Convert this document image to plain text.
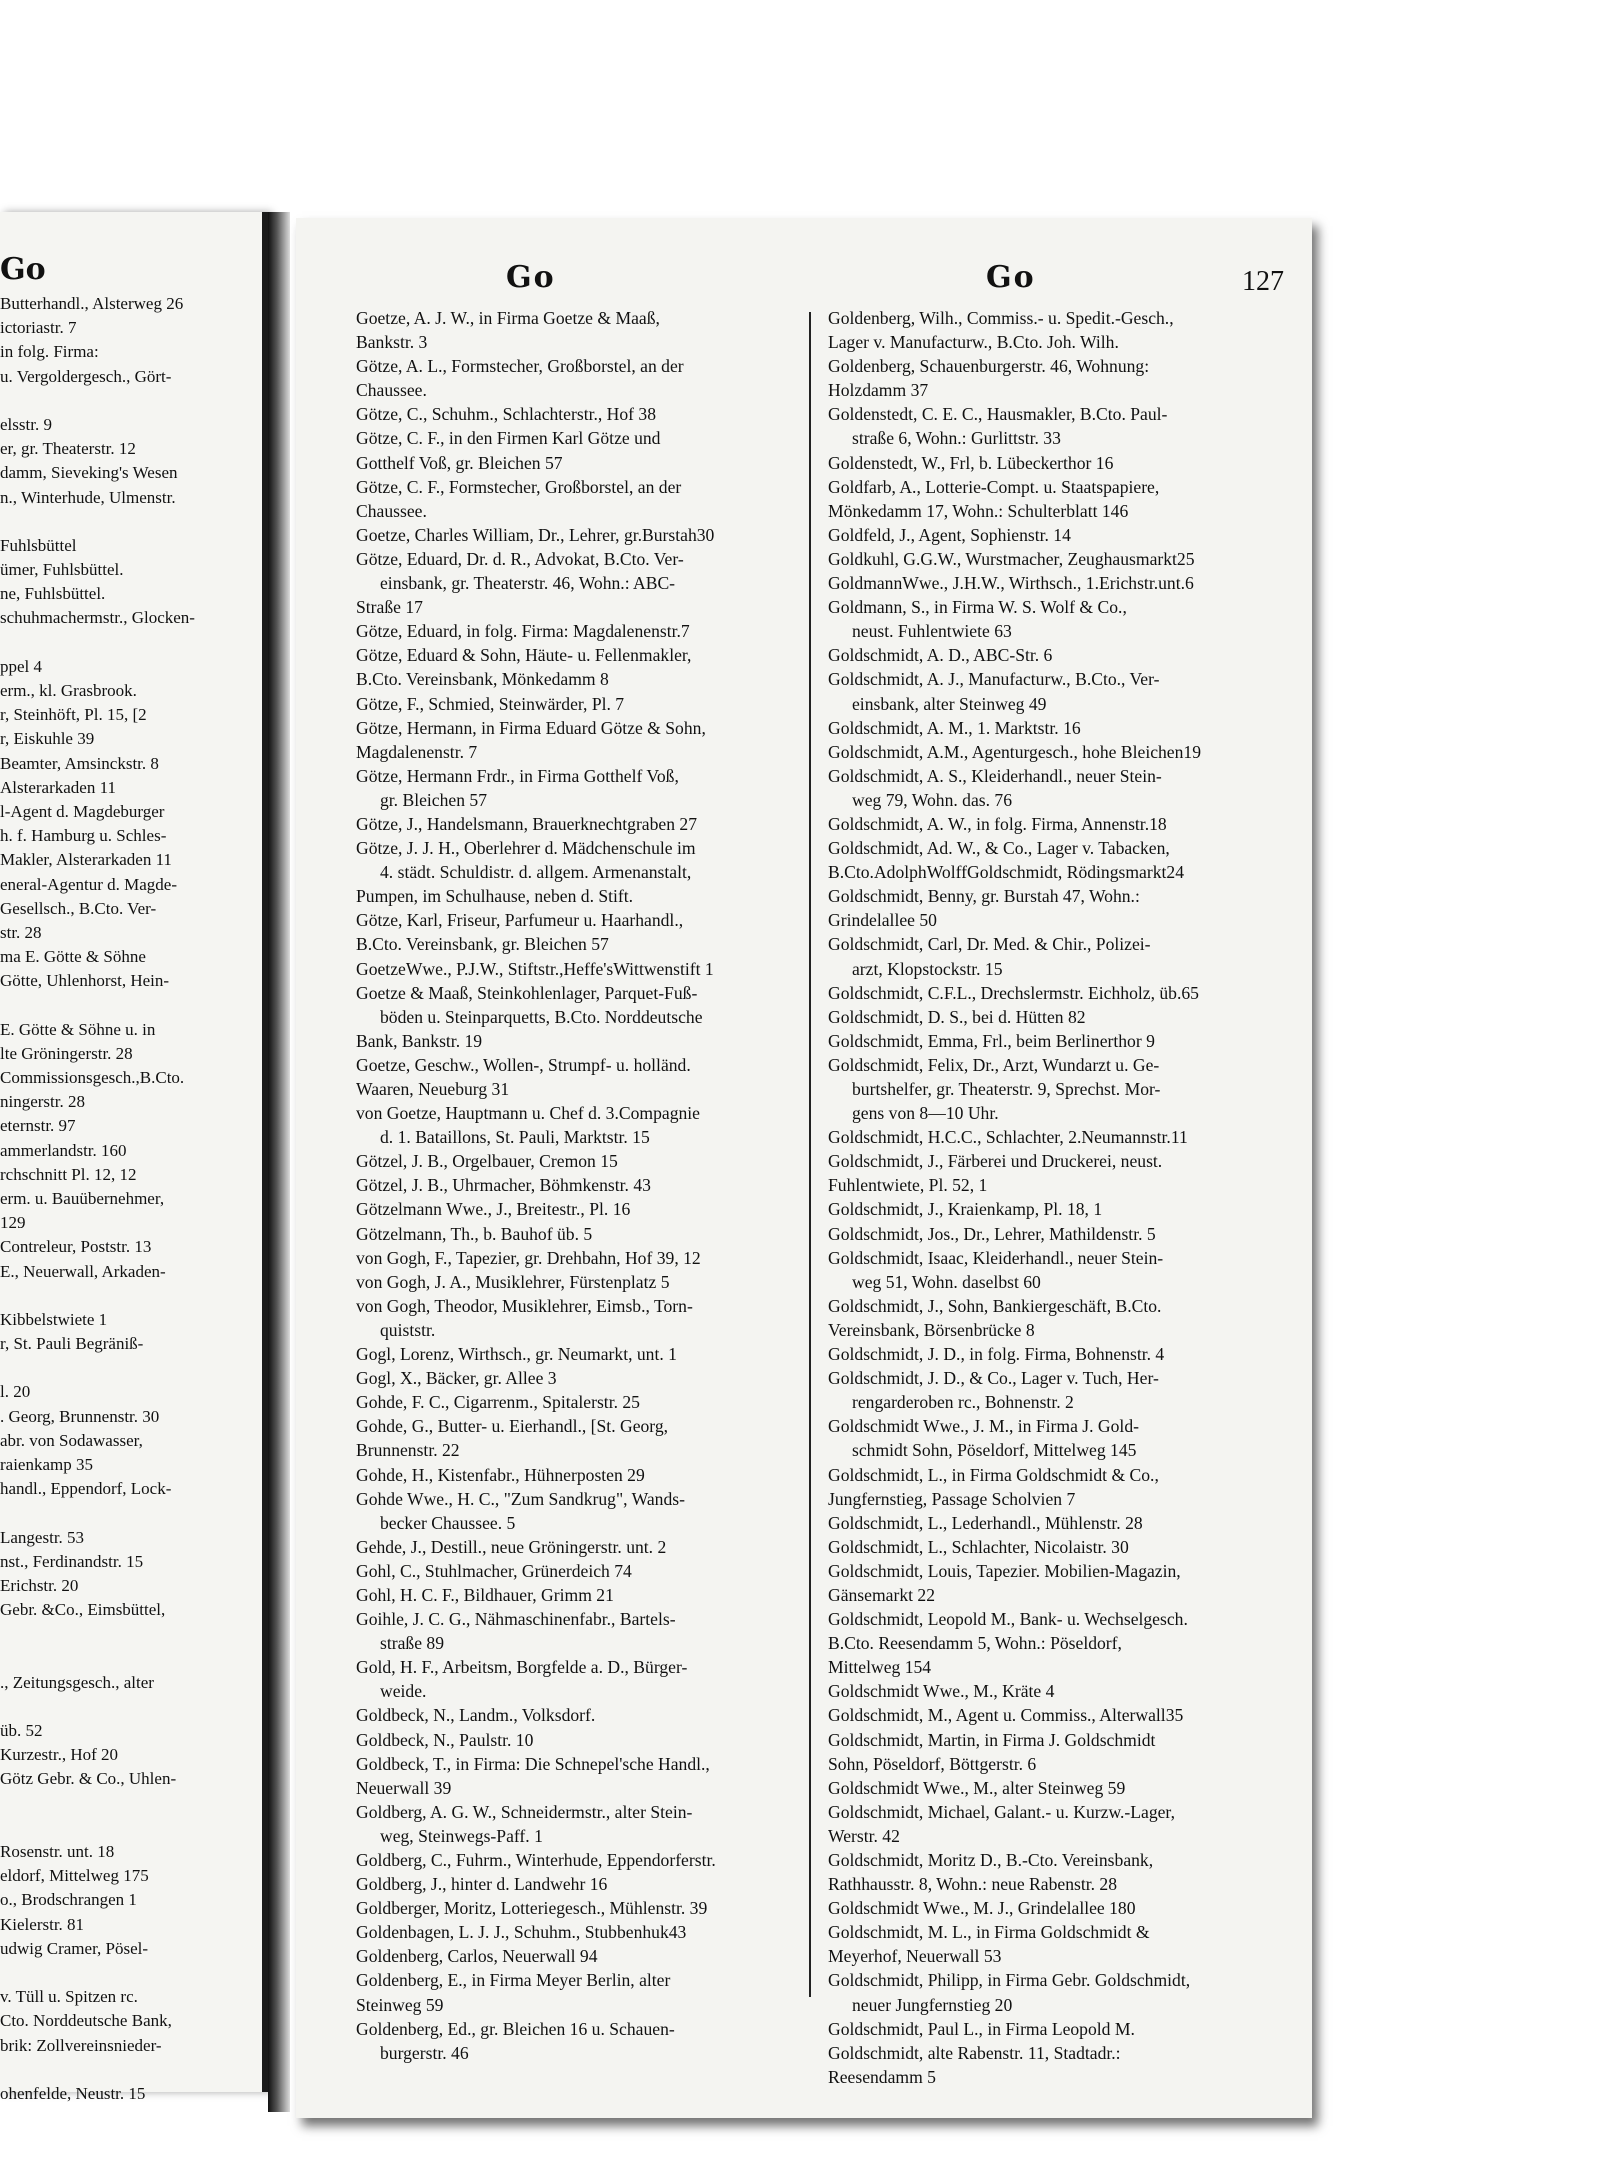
Go
Butterhandl., Alsterweg 26
ictoriastr. 7
in folg. Firma:
u. Vergoldergesch., Gört-
elsstr. 9
er, gr. Theaterstr. 12
damm, Sieveking's Wesen
n., Winterhude, Ulmenstr.
Fuhlsbüttel
ümer, Fuhlsbüttel.
ne, Fuhlsbüttel.
schuhmachermstr., Glocken-
ppel 4
erm., kl. Grasbrook.
r, Steinhöft, Pl. 15, [2
r, Eiskuhle 39
Beamter, Amsinckstr. 8
Alsterarkaden 11
l-Agent d. Magdeburger
h. f. Hamburg u. Schles-
Makler, Alsterarkaden 11
eneral-Agentur d. Magde-
Gesellsch., B.Cto. Ver-
str. 28
ma E. Götte & Söhne
Götte, Uhlenhorst, Hein-
E. Götte & Söhne u. in
lte Gröningerstr. 28
Commissionsgesch.,B.Cto.
ningerstr. 28
eternstr. 97
ammerlandstr. 160
rchschnitt Pl. 12, 12
erm. u. Bauübernehmer,
129
Contreleur, Poststr. 13
E., Neuerwall, Arkaden-
Kibbelstwiete 1
r, St. Pauli Begräniß-
l. 20
. Georg, Brunnenstr. 30
abr. von Sodawasser,
raienkamp 35
handl., Eppendorf, Lock-
Langestr. 53
nst., Ferdinandstr. 15
Erichstr. 20
Gebr. &Co., Eimsbüttel,
., Zeitungsgesch., alter
üb. 52
Kurzestr., Hof 20
Götz Gebr. & Co., Uhlen-
Rosenstr. unt. 18
eldorf, Mittelweg 175
o., Brodschrangen 1
Kielerstr. 81
udwig Cramer, Pösel-
v. Tüll u. Spitzen rc.
Cto. Norddeutsche Bank,
brik: Zollvereinsnieder-
ohenfelde, Neustr. 15
Go	Go	127
Goetze, A. J. W., in Firma Goetze & Maaß,
Bankstr. 3
Götze, A. L., Formstecher, Großborstel, an der
Chaussee.
Götze, C., Schuhm., Schlachterstr., Hof 38
Götze, C. F., in den Firmen Karl Götze und
Gotthelf Voß, gr. Bleichen 57
Götze, C. F., Formstecher, Großborstel, an der
Chaussee.
Goetze, Charles William, Dr., Lehrer, gr.Burstah30
Götze, Eduard, Dr. d. R., Advokat, B.Cto. Ver-
einsbank, gr. Theaterstr. 46, Wohn.: ABC-
Straße 17
Götze, Eduard, in folg. Firma: Magdalenenstr.7
Götze, Eduard & Sohn, Häute- u. Fellenmakler,
B.Cto. Vereinsbank, Mönkedamm 8
Götze, F., Schmied, Steinwärder, Pl. 7
Götze, Hermann, in Firma Eduard Götze & Sohn,
Magdalenenstr. 7
Götze, Hermann Frdr., in Firma Gotthelf Voß,
gr. Bleichen 57
Götze, J., Handelsmann, Brauerknechtgraben 27
Götze, J. J. H., Oberlehrer d. Mädchenschule im
4. städt. Schuldistr. d. allgem. Armenanstalt,
Pumpen, im Schulhause, neben d. Stift.
Götze, Karl, Friseur, Parfumeur u. Haarhandl.,
B.Cto. Vereinsbank, gr. Bleichen 57
GoetzeWwe., P.J.W., Stiftstr.,Heffe'sWittwenstift 1
Goetze & Maaß, Steinkohlenlager, Parquet-Fuß-
böden u. Steinparquetts, B.Cto. Norddeutsche
Bank, Bankstr. 19
Goetze, Geschw., Wollen-, Strumpf- u. holländ.
Waaren, Neueburg 31
von Goetze, Hauptmann u. Chef d. 3.Compagnie
d. 1. Bataillons, St. Pauli, Marktstr. 15
Götzel, J. B., Orgelbauer, Cremon 15
Götzel, J. B., Uhrmacher, Böhmkenstr. 43
Götzelmann Wwe., J., Breitestr., Pl. 16
Götzelmann, Th., b. Bauhof üb. 5
von Gogh, F., Tapezier, gr. Drehbahn, Hof 39, 12
von Gogh, J. A., Musiklehrer, Fürstenplatz 5
von Gogh, Theodor, Musiklehrer, Eimsb., Torn-
quiststr.
Gogl, Lorenz, Wirthsch., gr. Neumarkt, unt. 1
Gogl, X., Bäcker, gr. Allee 3
Gohde, F. C., Cigarrenm., Spitalerstr. 25
Gohde, G., Butter- u. Eierhandl., [St. Georg,
Brunnenstr. 22
Gohde, H., Kistenfabr., Hühnerposten 29
Gohde Wwe., H. C., "Zum Sandkrug", Wands-
becker Chaussee. 5
Gehde, J., Destill., neue Gröningerstr. unt. 2
Gohl, C., Stuhlmacher, Grünerdeich 74
Gohl, H. C. F., Bildhauer, Grimm 21
Goihle, J. C. G., Nähmaschinenfabr., Bartels-
straße 89
Gold, H. F., Arbeitsm, Borgfelde a. D., Bürger-
weide.
Goldbeck, N., Landm., Volksdorf.
Goldbeck, N., Paulstr. 10
Goldbeck, T., in Firma: Die Schnepel'sche Handl.,
Neuerwall 39
Goldberg, A. G. W., Schneidermstr., alter Stein-
weg, Steinwegs-Paff. 1
Goldberg, C., Fuhrm., Winterhude, Eppendorferstr.
Goldberg, J., hinter d. Landwehr 16
Goldberger, Moritz, Lotteriegesch., Mühlenstr. 39
Goldenbagen, L. J. J., Schuhm., Stubbenhuk43
Goldenberg, Carlos, Neuerwall 94
Goldenberg, E., in Firma Meyer Berlin, alter
Steinweg 59
Goldenberg, Ed., gr. Bleichen 16 u. Schauen-
burgerstr. 46
Goldenberg, Wilh., Commiss.- u. Spedit.-Gesch.,
Lager v. Manufacturw., B.Cto. Joh. Wilh.
Goldenberg, Schauenburgerstr. 46, Wohnung:
Holzdamm 37
Goldenstedt, C. E. C., Hausmakler, B.Cto. Paul-
straße 6, Wohn.: Gurlittstr. 33
Goldenstedt, W., Frl, b. Lübeckerthor 16
Goldfarb, A., Lotterie-Compt. u. Staatspapiere,
Mönkedamm 17, Wohn.: Schulterblatt 146
Goldfeld, J., Agent, Sophienstr. 14
Goldkuhl, G.G.W., Wurstmacher, Zeughausmarkt25
GoldmannWwe., J.H.W., Wirthsch., 1.Erichstr.unt.6
Goldmann, S., in Firma W. S. Wolf & Co.,
neust. Fuhlentwiete 63
Goldschmidt, A. D., ABC-Str. 6
Goldschmidt, A. J., Manufacturw., B.Cto., Ver-
einsbank, alter Steinweg 49
Goldschmidt, A. M., 1. Marktstr. 16
Goldschmidt, A.M., Agenturgesch., hohe Bleichen19
Goldschmidt, A. S., Kleiderhandl., neuer Stein-
weg 79, Wohn. das. 76
Goldschmidt, A. W., in folg. Firma, Annenstr.18
Goldschmidt, Ad. W., & Co., Lager v. Tabacken,
B.Cto.AdolphWolffGoldschmidt, Rödingsmarkt24
Goldschmidt, Benny, gr. Burstah 47, Wohn.:
Grindelallee 50
Goldschmidt, Carl, Dr. Med. & Chir., Polizei-
arzt, Klopstockstr. 15
Goldschmidt, C.F.L., Drechslermstr. Eichholz, üb.65
Goldschmidt, D. S., bei d. Hütten 82
Goldschmidt, Emma, Frl., beim Berlinerthor 9
Goldschmidt, Felix, Dr., Arzt, Wundarzt u. Ge-
burtshelfer, gr. Theaterstr. 9, Sprechst. Mor-
gens von 8—10 Uhr.
Goldschmidt, H.C.C., Schlachter, 2.Neumannstr.11
Goldschmidt, J., Färberei und Druckerei, neust.
Fuhlentwiete, Pl. 52, 1
Goldschmidt, J., Kraienkamp, Pl. 18, 1
Goldschmidt, Jos., Dr., Lehrer, Mathildenstr. 5
Goldschmidt, Isaac, Kleiderhandl., neuer Stein-
weg 51, Wohn. daselbst 60
Goldschmidt, J., Sohn, Bankiergeschäft, B.Cto.
Vereinsbank, Börsenbrücke 8
Goldschmidt, J. D., in folg. Firma, Bohnenstr. 4
Goldschmidt, J. D., & Co., Lager v. Tuch, Her-
rengarderoben rc., Bohnenstr. 2
Goldschmidt Wwe., J. M., in Firma J. Gold-
schmidt Sohn, Pöseldorf, Mittelweg 145
Goldschmidt, L., in Firma Goldschmidt & Co.,
Jungfernstieg, Passage Scholvien 7
Goldschmidt, L., Lederhandl., Mühlenstr. 28
Goldschmidt, L., Schlachter, Nicolaistr. 30
Goldschmidt, Louis, Tapezier. Mobilien-Magazin,
Gänsemarkt 22
Goldschmidt, Leopold M., Bank- u. Wechselgesch.
B.Cto. Reesendamm 5, Wohn.: Pöseldorf,
Mittelweg 154
Goldschmidt Wwe., M., Kräte 4
Goldschmidt, M., Agent u. Commiss., Alterwall35
Goldschmidt, Martin, in Firma J. Goldschmidt
Sohn, Pöseldorf, Böttgerstr. 6
Goldschmidt Wwe., M., alter Steinweg 59
Goldschmidt, Michael, Galant.- u. Kurzw.-Lager,
Werstr. 42
Goldschmidt, Moritz D., B.-Cto. Vereinsbank,
Rathhausstr. 8, Wohn.: neue Rabenstr. 28
Goldschmidt Wwe., M. J., Grindelallee 180
Goldschmidt, M. L., in Firma Goldschmidt &
Meyerhof, Neuerwall 53
Goldschmidt, Philipp, in Firma Gebr. Goldschmidt,
neuer Jungfernstieg 20
Goldschmidt, Paul L., in Firma Leopold M.
Goldschmidt, alte Rabenstr. 11, Stadtadr.:
Reesendamm 5
